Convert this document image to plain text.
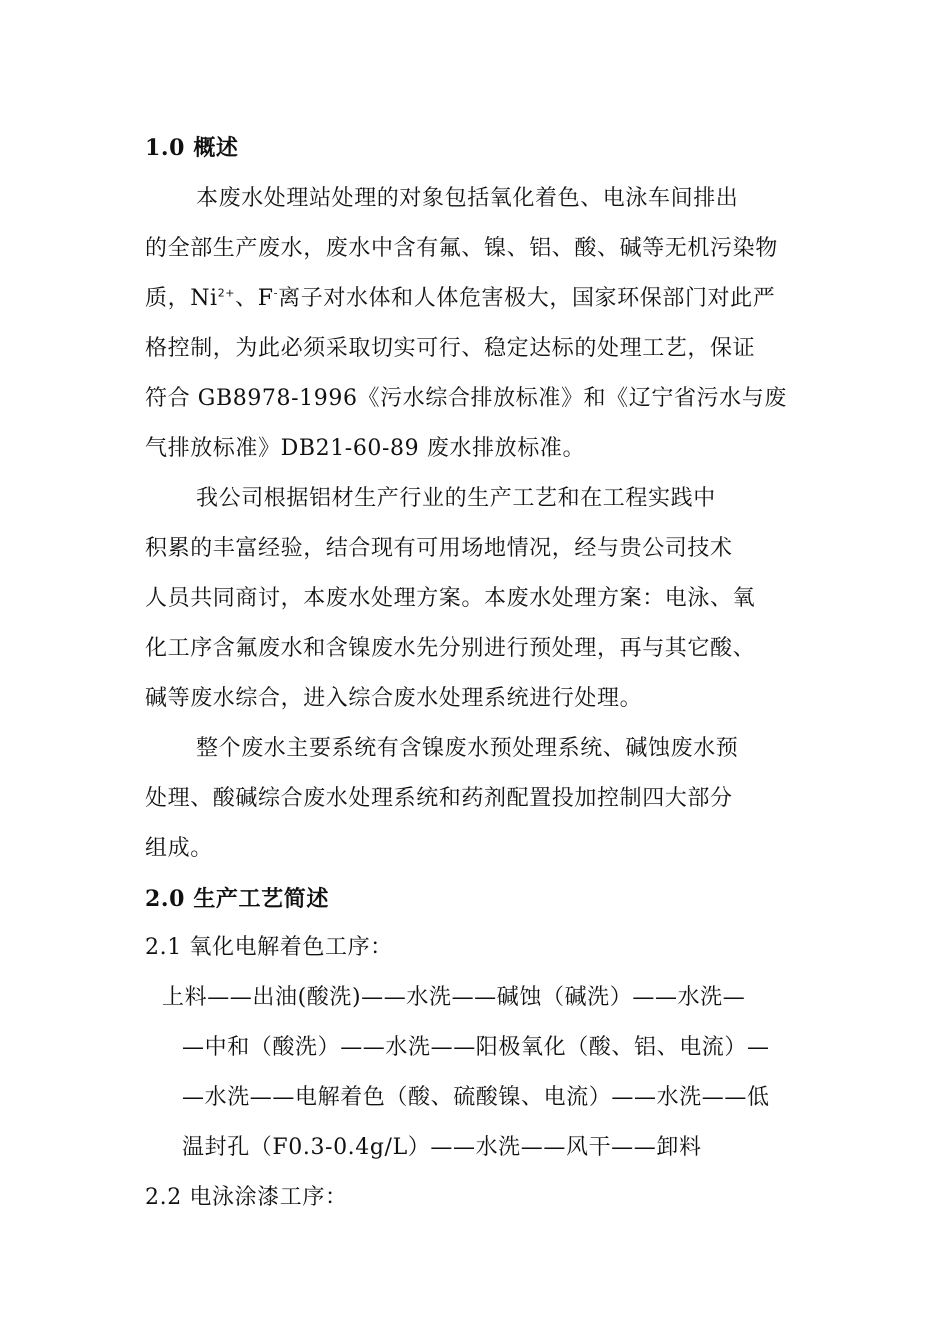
1.0 概述
本废水处理站处理的对象包括氧化着色、电泳车间排出
的全部生产废水，废水中含有氟、镍、铝、酸、碱等无机污染物
质，$Ni^{2+}$、F-离子对水体和人体危害极大，国家环保部门对此严
格控制，为此必须采取切实可行、稳定达标的处理工艺，保证
符合 GB8978-1996《污水综合排放标准》和《辽宁省污水与废
气排放标准》DB21-60-89 废水排放标准。
我公司根据铝材生产行业的生产工艺和在工程实践中
积累的丰富经验，结合现有可用场地情况，经与贵公司技术
人员共同商讨，本废水处理方案。本废水处理方案：电泳、氧
化工序含氟废水和含镍废水先分别进行预处理，再与其它酸、
碱等废水综合，进入综合废水处理系统进行处理。
整个废水主要系统有含镍废水预处理系统、碱蚀废水预
处理、酸碱综合废水处理系统和药剂配置投加控制四大部分
组成。
2.0 生产工艺简述
2.1 氧化电解着色工序：
上料——出油(酸洗)——水洗——碱蚀（碱洗）——水洗—
—中和（酸洗）——水洗——阳极氧化（酸、铝、电流）—
—水洗——电解着色（酸、硫酸镍、电流）——水洗——低
温封孔（F0.3-0.4g/L）——水洗——风干——卸料
2.2 电泳涂漆工序：
